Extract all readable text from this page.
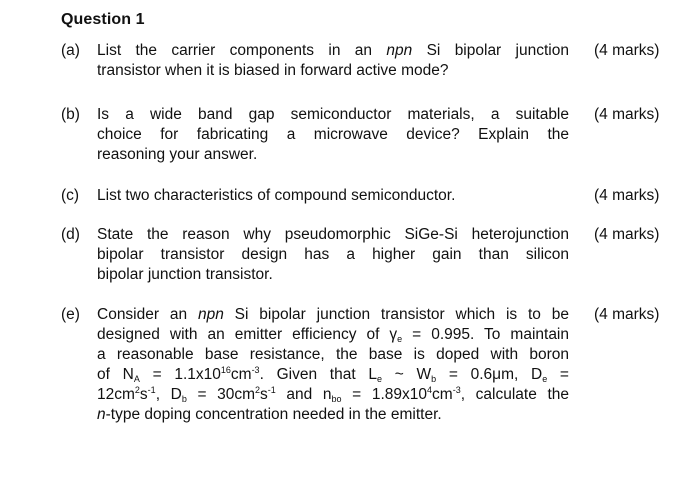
Question 1
(a)	List the carrier components in an npn Si bipolar junction
transistor when it is biased in forward active mode?
(4 marks)
(b)	Is a wide band gap semiconductor materials, a suitable
choice for fabricating a microwave device? Explain the
reasoning your answer.
(4 marks)
(c)	List two characteristics of compound semiconductor.	(4 marks)
(d)	State the reason why pseudomorphic SiGe-Si heterojunction
bipolar transistor design has a higher gain than silicon
bipolar junction transistor.
(4 marks)
(e)	Consider an npn Si bipolar junction transistor which is to be
designed with an emitter efficiency of $\gamma_e = 0.995$. To maintain
a reasonable base resistance, the base is doped with boron
of $N_A = 1.1x10^{16}cm^{-3}$. Given that $L_e$ ~ $W_b = 0.6\mu m$, $D_e$ =
$12cm^2s^{-1}$, $D_b = 30cm^2s^{-1}$ and $n_{bo} = 1.89x10^4cm^{-3}$, calculate the
n-type doping concentration needed in the emitter.
(4 marks)
